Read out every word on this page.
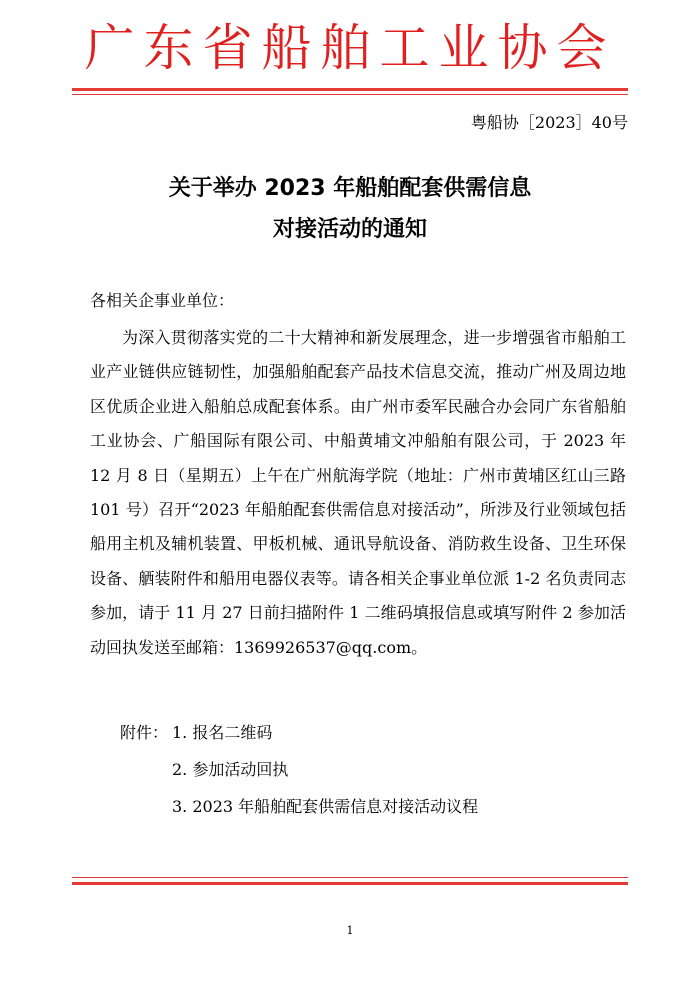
广东省船舶工业协会
粤船协［2023］40号
关于举办 2023 年船舶配套供需信息
对接活动的通知
各相关企事业单位：

为深入贯彻落实党的二十大精神和新发展理念，进一步增强省市船舶工业产业链供应链韧性，加强船舶配套产品技术信息交流，推动广州及周边地区优质企业进入船舶总成配套体系。由广州市委军民融合办会同广东省船舶工业协会、广船国际有限公司、中船黄埔文冲船舶有限公司，于 2023 年 12 月 8 日（星期五）上午在广州航海学院（地址：广州市黄埔区红山三路 101 号）召开“2023 年船舶配套供需信息对接活动”，所涉及行业领域包括船用主机及辅机装置、甲板机械、通讯导航设备、消防救生设备、卫生环保设备、舾装附件和船用电器仪表等。请各相关企事业单位派 1-2 名负责同志参加，请于 11 月 27 日前扫描附件 1 二维码填报信息或填写附件 2 参加活动回执发送至邮箱：1369926537@qq.com。

附件： 1. 报名二维码
2. 参加活动回执
3. 2023 年船舶配套供需信息对接活动议程
1
